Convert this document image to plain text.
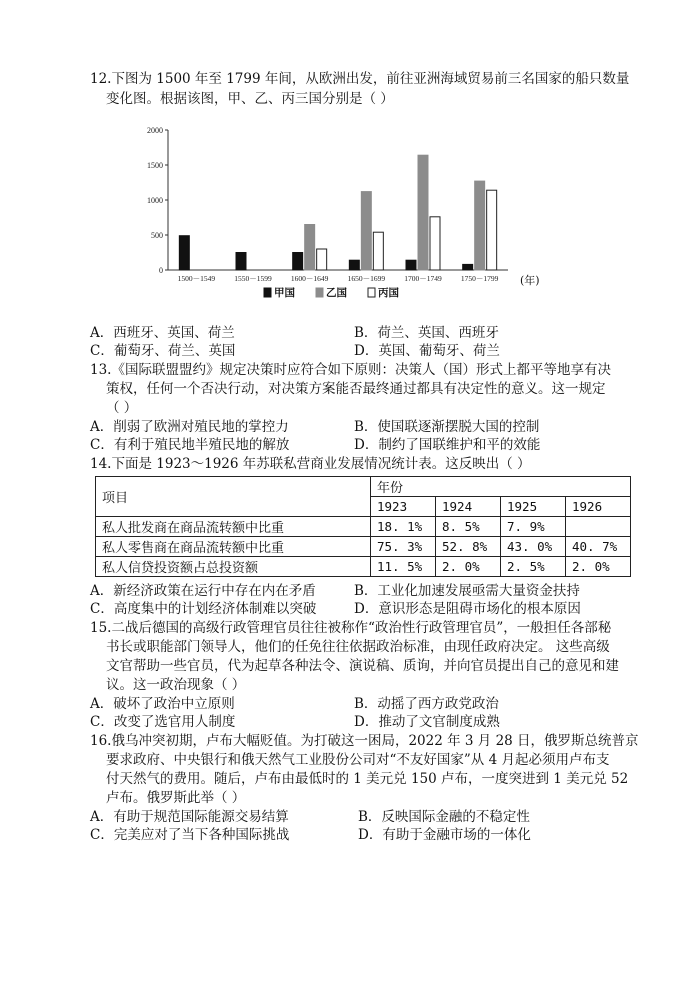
12.下图为 1500 年至 1799 年间，从欧洲出发，前往亚洲海域贸易前三名国家的船只数量
变化图。根据该图，甲、乙、丙三国分别是（ ）
0
500
1000
1500
2000
1500－1549	1550－1599	1600－1649	1650－1699	1700－1749	1750－1799 (年)
甲国	乙国	丙国
A．西班牙、英国、荷兰	B．荷兰、英国、西班牙
C．葡萄牙、荷兰、英国	D．英国、葡萄牙、荷兰
13.《国际联盟盟约》规定决策时应符合如下原则：决策人（国）形式上都平等地享有决
策权，任何一个否决行动，对决策方案能否最终通过都具有决定性的意义。这一规定
（ ）
A．削弱了欧洲对殖民地的掌控力	B．使国联逐渐摆脱大国的控制
C．有利于殖民地半殖民地的解放	D．制约了国联维护和平的效能
14.下面是 1923～1926 年苏联私营商业发展情况统计表。这反映出（ ）
项目	年份			
	1923	1924	1925	1926
私人批发商在商品流转额中比重	18. 1%	8. 5%	7. 9%	
私人零售商在商品流转额中比重	75. 3%	52. 8%	43. 0%	40. 7%
私人信贷投资额占总投资额	11. 5%	2. 0%	2. 5%	2. 0%
A．新经济政策在运行中存在内在矛盾	B．工业化加速发展亟需大量资金扶持
C．高度集中的计划经济体制难以突破	D．意识形态是阻碍市场化的根本原因
15.二战后德国的高级行政管理官员往往被称作“政治性行政管理官员”，一般担任各部秘
书长或职能部门领导人，他们的任免往往依据政治标准，由现任政府决定。 这些高级
文官帮助一些官员，代为起草各种法令、演说稿、质询，并向官员提出自己的意见和建
议。这一政治现象（ ）
A．破坏了政治中立原则	B．动摇了西方政党政治
C．改变了选官用人制度	D．推动了文官制度成熟
16.俄乌冲突初期，卢布大幅贬值。为打破这一困局，2022 年 3 月 28 日，俄罗斯总统普京
要求政府、中央银行和俄天然气工业股份公司对“不友好国家”从 4 月起必须用卢布支
付天然气的费用。随后，卢布由最低时的 1 美元兑 150 卢布，一度突进到 1 美元兑 52
卢布。俄罗斯此举（ ）
A．有助于规范国际能源交易结算	B．反映国际金融的不稳定性
C．完美应对了当下各种国际挑战	D．有助于金融市场的一体化
